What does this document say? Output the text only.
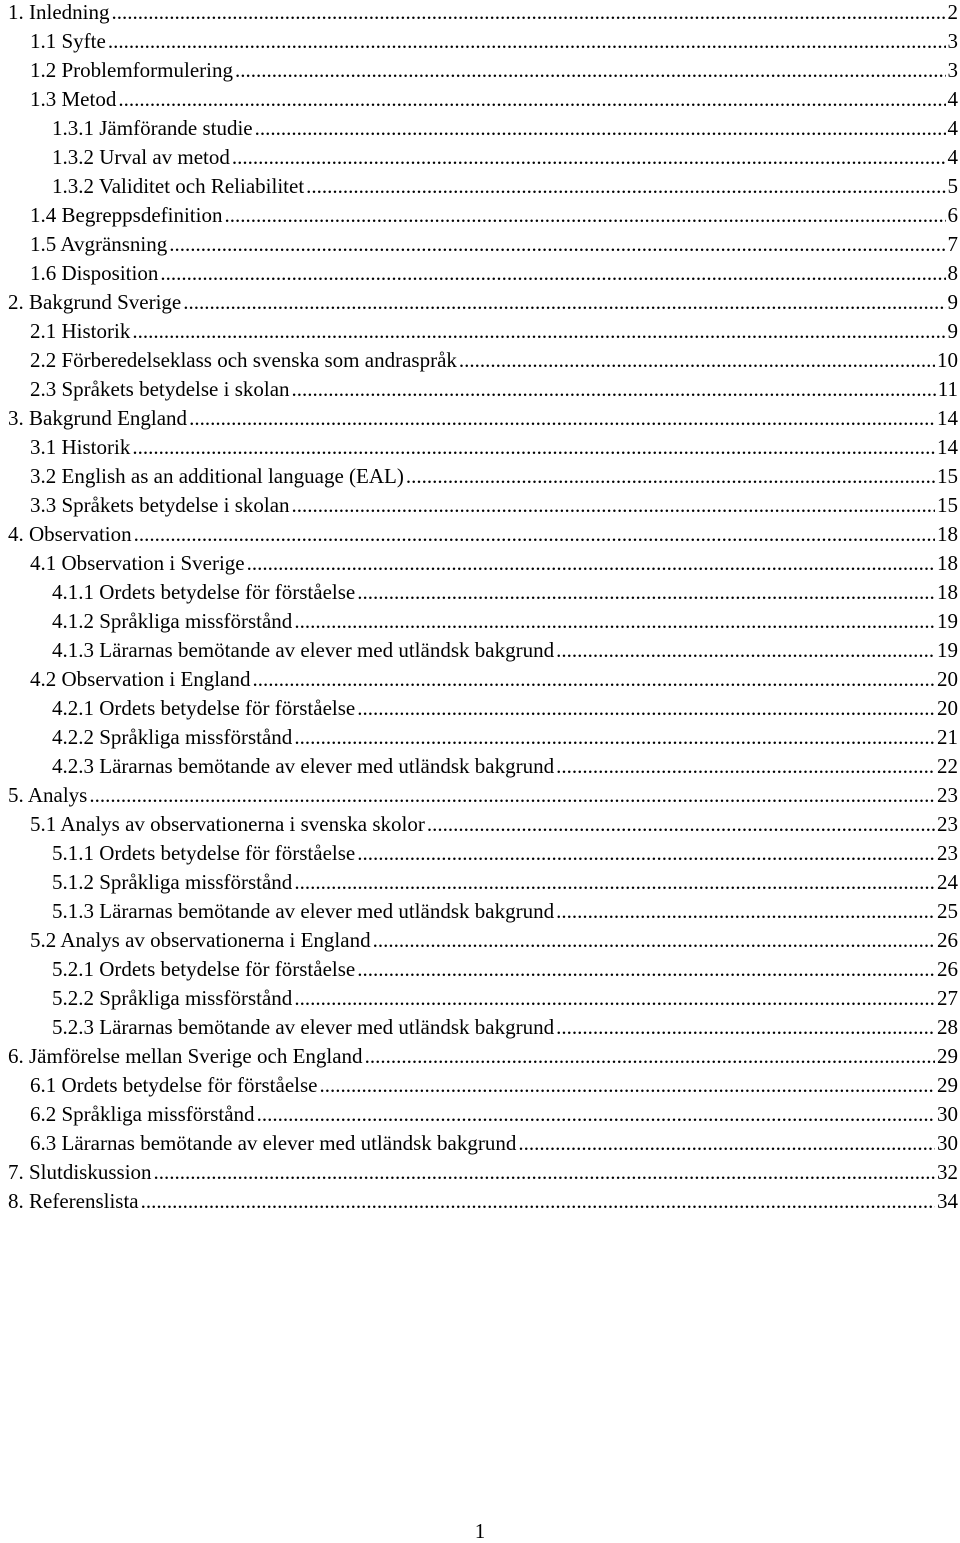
1. Inledning .....	2
1.1 Syfte .....	3
1.2 Problemformulering .....	3
1.3 Metod .....	4
1.3.1 Jämförande studie .....	4
1.3.2 Urval av metod .....	4
1.3.2 Validitet och Reliabilitet .....	5
1.4 Begreppsdefinition .....	6
1.5 Avgränsning .....	7
1.6 Disposition .....	8
2. Bakgrund Sverige .....	9
2.1 Historik .....	9
2.2 Förberedelseklass och svenska som andraspråk .....	10
2.3 Språkets betydelse i skolan .....	11
3. Bakgrund England .....	14
3.1 Historik .....	14
3.2 English as an additional language (EAL) .....	15
3.3 Språkets betydelse i skolan .....	15
4. Observation .....	18
4.1 Observation i Sverige .....	18
4.1.1 Ordets betydelse för förståelse .....	18
4.1.2 Språkliga missförstånd .....	19
4.1.3 Lärarnas bemötande av elever med utländsk bakgrund .....	19
4.2 Observation i England .....	20
4.2.1 Ordets betydelse för förståelse .....	20
4.2.2 Språkliga missförstånd .....	21
4.2.3 Lärarnas bemötande av elever med utländsk bakgrund .....	22
5. Analys .....	23
5.1 Analys av observationerna i svenska skolor .....	23
5.1.1 Ordets betydelse för förståelse .....	23
5.1.2 Språkliga missförstånd .....	24
5.1.3 Lärarnas bemötande av elever med utländsk bakgrund .....	25
5.2 Analys av observationerna i England .....	26
5.2.1 Ordets betydelse för förståelse .....	26
5.2.2 Språkliga missförstånd .....	27
5.2.3 Lärarnas bemötande av elever med utländsk bakgrund .....	28
6. Jämförelse mellan Sverige och England .....	29
6.1 Ordets betydelse för förståelse .....	29
6.2 Språkliga missförstånd .....	30
6.3 Lärarnas bemötande av elever med utländsk bakgrund .....	30
7. Slutdiskussion .....	32
8. Referenslista .....	34
1
